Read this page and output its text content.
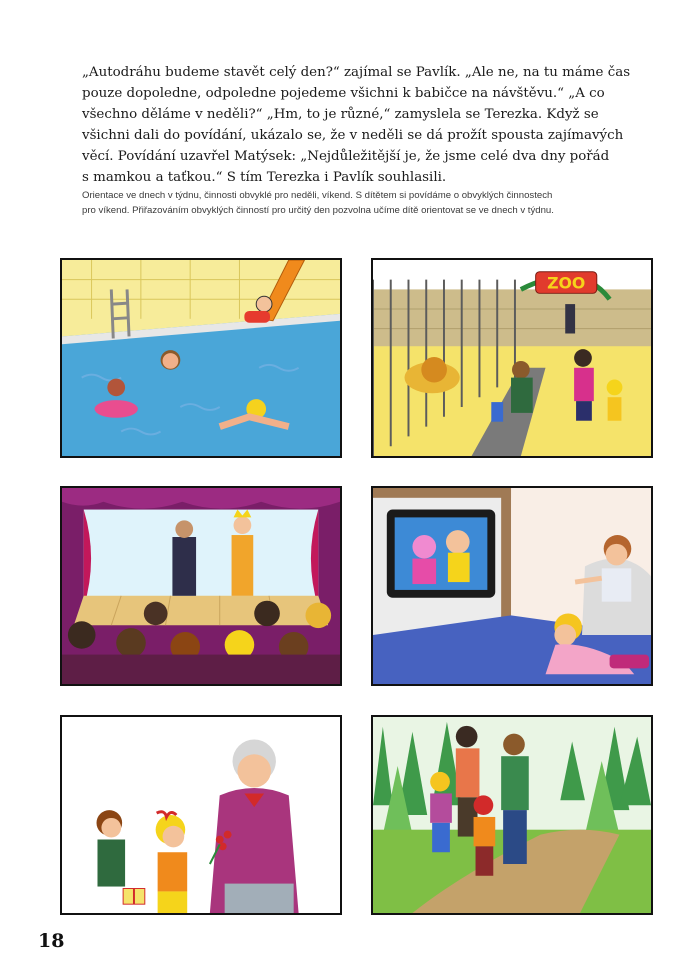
„Autodráhu budeme stavět celý den?“ zajímal se Pavlík. „Ale ne, na tu máme čas
pouze dopoledne, odpoledne pojedeme všichni k babičce na návštěvu.“ „A co
všechno děláme v neděli?“ „Hm, to je různé,“ zamyslela se Terezka. Když se
všichni dali do povídání, ukázalo se, že v neděli se dá prožít spousta zajímavých
věcí. Povídání uzavřel Matýsek: „Nejdůležitější je, že jsme celé dva dny pořád
s mamkou a taťkou.“ S tím Terezka i Pavlík souhlasili.
Orientace ve dnech v týdnu, činnosti obvyklé pro neděli, víkend. S dítětem si povídáme o obvyklých činnostech
pro víkend. Přiřazováním obvyklých činností pro určitý den pozvolna učíme dítě orientovat se ve dnech v týdnu.
ZOO
18
